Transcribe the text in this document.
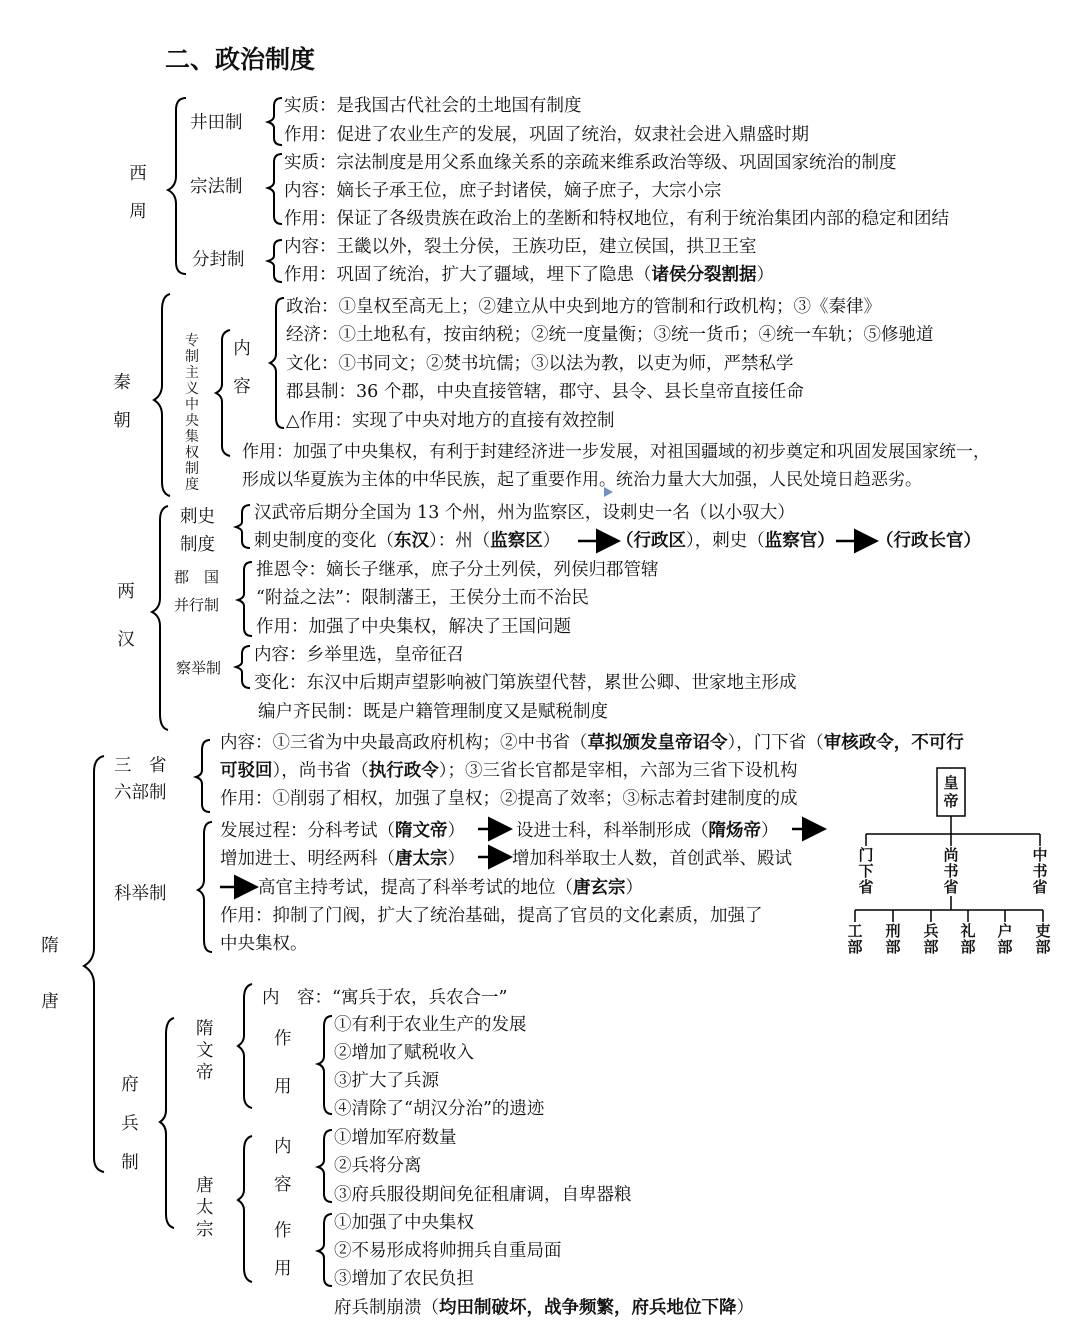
二、政治制度
西
周
井田制
实质：是我国古代社会的土地国有制度
作用：促进了农业生产的发展，巩固了统治，奴隶社会进入鼎盛时期
宗法制
实质：宗法制度是用父系血缘关系的亲疏来维系政治等级、巩固国家统治的制度
内容：嫡长子承王位，庶子封诸侯，嫡子庶子，大宗小宗
作用：保证了各级贵族在政治上的垄断和特权地位，有利于统治集团内部的稳定和团结
分封制
内容：王畿以外，裂土分侯，王族功臣，建立侯国，拱卫王室
作用：巩固了统治，扩大了疆域，埋下了隐患（诸侯分裂割据）
秦
朝
专
制
主
义
中
央
集
权
制
度
内
容
政治：①皇权至高无上；②建立从中央到地方的管制和行政机构；③《秦律》
经济：①土地私有，按亩纳税；②统一度量衡；③统一货币；④统一车轨；⑤修驰道
文化：①书同文；②焚书坑儒；③以法为教，以吏为师，严禁私学
郡县制：36 个郡，中央直接管辖，郡守、县令、县长皇帝直接任命
△作用：实现了中央对地方的直接有效控制
作用：加强了中央集权，有利于封建经济进一步发展，对祖国疆域的初步奠定和巩固发展国家统一，
形成以华夏族为主体的中华民族，起了重要作用。统治力量大大加强，人民处境日趋恶劣。
两
汉
刺史
制度
汉武帝后期分全国为 13 个州，州为监察区，设刺史一名（以小驭大）
刺史制度的变化（东汉）：州（监察区）	（行政区），刺史（监察官） （行政长官）
郡　国
并行制
推恩令：嫡长子继承，庶子分土列侯，列侯归郡管辖
“附益之法”：限制藩王，王侯分土而不治民
作用：加强了中央集权，解决了王国问题
察举制
内容：乡举里选，皇帝征召
变化：东汉中后期声望影响被门第族望代替，累世公卿、世家地主形成
编户齐民制：既是户籍管理制度又是赋税制度
隋
唐
三　省
六部制
内容：①三省为中央最高政府机构；②中书省（草拟颁发皇帝诏令），门下省（审核政令，不可行
可驳回），尚书省（执行政令）；③三省长官都是宰相，六部为三省下设机构
作用：①削弱了相权，加强了皇权；②提高了效率；③标志着封建制度的成
科举制
发展过程：分科考试（隋文帝）	设进士科，科举制形成（隋炀帝）
增加进士、明经两科（唐太宗）	增加科举取士人数，首创武举、殿试
高官主持考试，提高了科举考试的地位（唐玄宗）
作用：抑制了门阀，扩大了统治基础，提高了官员的文化素质，加强了
中央集权。
皇
帝
门
下
省
尚
书
省
中
书
省
工
部
刑
部
兵
部
礼
部
户
部
吏
部
府
兵
制
隋
文
帝
内　容：“寓兵于农，兵农合一”
作
用
①有利于农业生产的发展
②增加了赋税收入
③扩大了兵源
④清除了“胡汉分治”的遗迹
唐
太
宗
内
容
①增加军府数量
②兵将分离
③府兵服役期间免征租庸调，自卑器粮
作
用
①加强了中央集权
②不易形成将帅拥兵自重局面
③增加了农民负担
府兵制崩溃（均田制破坏，战争频繁，府兵地位下降）
